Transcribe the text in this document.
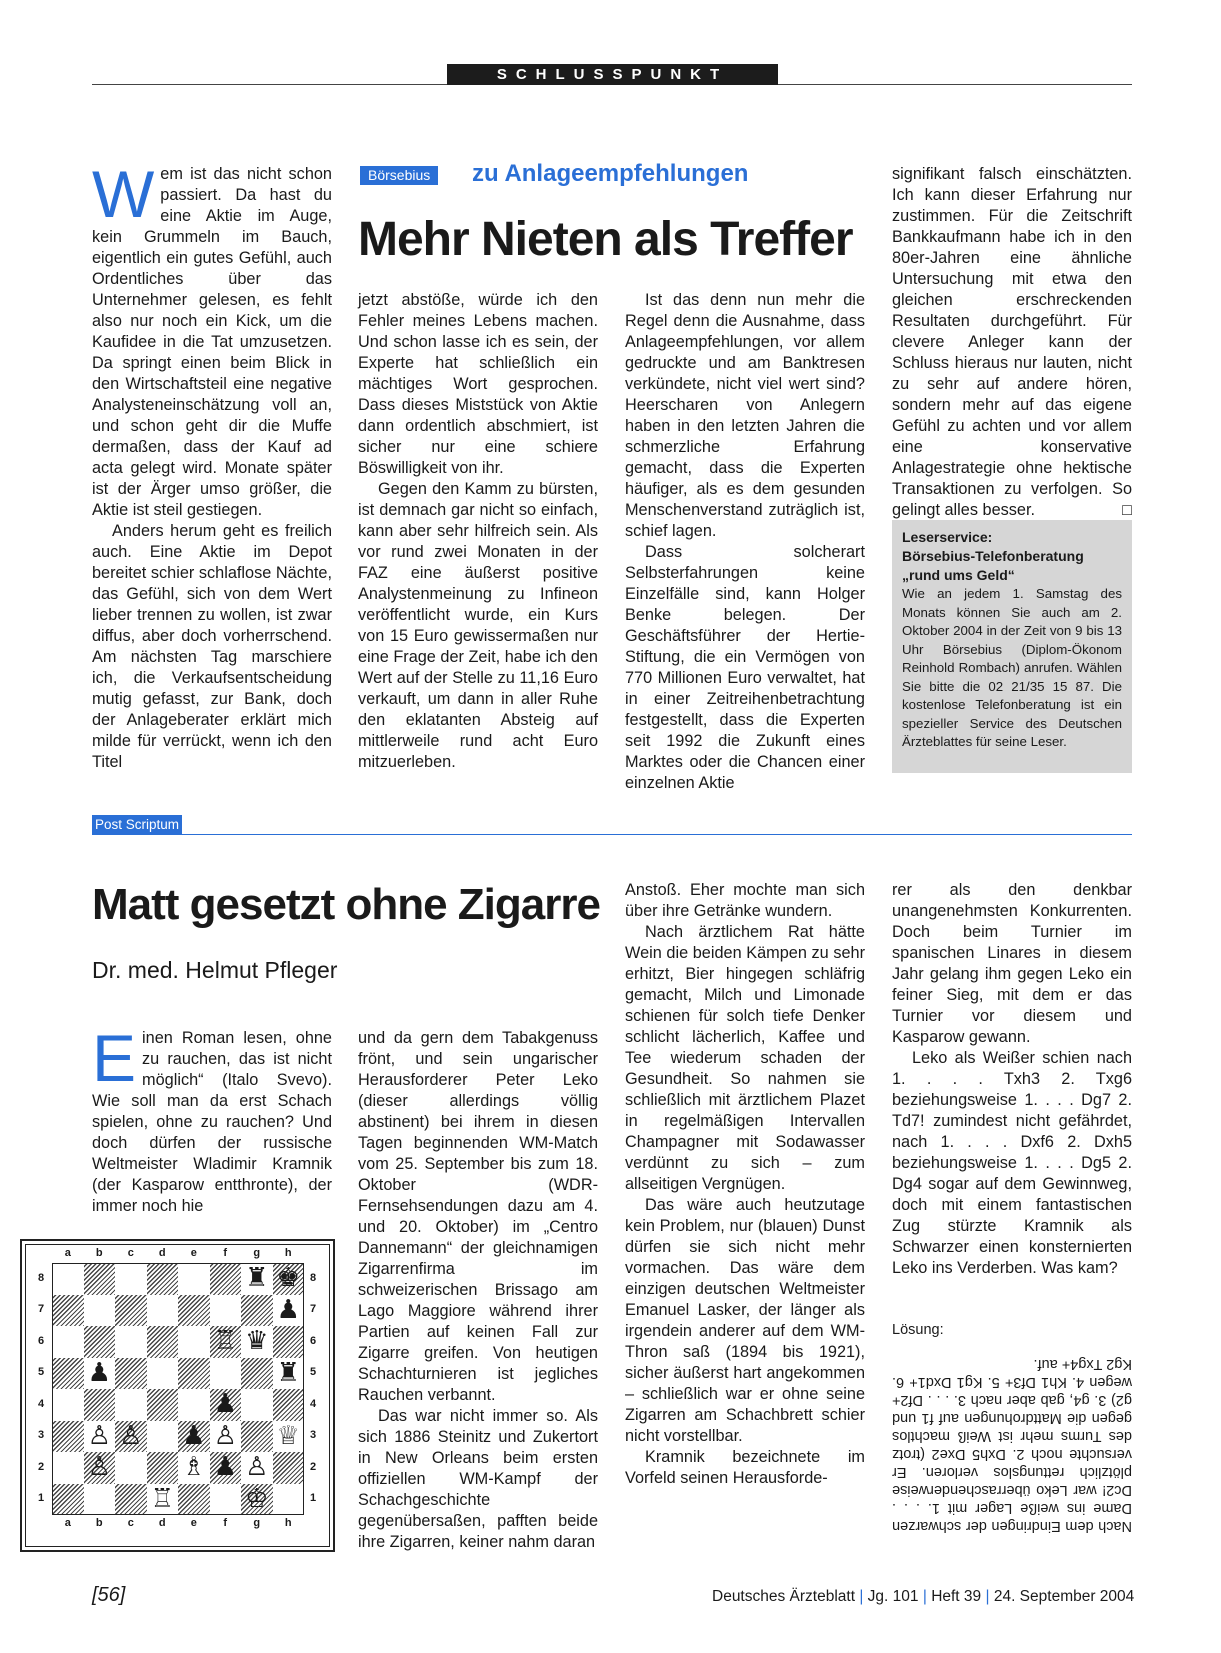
SCHLUSSPUNKT
W em ist das nicht schon passiert. Da hast du eine Aktie im Auge, kein Grummeln im Bauch, eigentlich ein gutes Gefühl, auch Ordentliches über das Unternehmer gelesen, es fehlt also nur noch ein Kick, um die Kaufidee in die Tat umzusetzen. Da springt einen beim Blick in den Wirtschaftsteil eine negative Analysteneinschätzung voll an, und schon geht dir die Muffe dermaßen, dass der Kauf ad acta gelegt wird. Monate später ist der Ärger umso größer, die Aktie ist steil gestiegen.

Anders herum geht es freilich auch. Eine Aktie im Depot bereitet schier schlaflose Nächte, das Gefühl, sich von dem Wert lieber trennen zu wollen, ist zwar diffus, aber doch vorherrschend. Am nächsten Tag marschiere ich, die Verkaufsentscheidung mutig gefasst, zur Bank, doch der Anlageberater erklärt mich milde für verrückt, wenn ich den Titel

Börsebius	zu Anlageempfehlungen
Mehr Nieten als Treffer

jetzt abstöße, würde ich den Fehler meines Lebens machen. Und schon lasse ich es sein, der Experte hat schließlich ein mächtiges Wort gesprochen. Dass dieses Miststück von Aktie dann ordentlich abschmiert, ist sicher nur eine schiere Böswilligkeit von ihr.

Gegen den Kamm zu bürsten, ist demnach gar nicht so einfach, kann aber sehr hilfreich sein. Als vor rund zwei Monaten in der FAZ eine äußerst positive Analystenmeinung zu Infineon veröffentlicht wurde, ein Kurs von 15 Euro gewissermaßen nur eine Frage der Zeit, habe ich den Wert auf der Stelle zu 11,16 Euro verkauft, um dann in aller Ruhe den eklatanten Absteig auf mittlerweile rund acht Euro mitzuerleben.

Ist das denn nun mehr die Regel denn die Ausnahme, dass Anlageempfehlungen, vor allem gedruckte und am Banktresen verkündete, nicht viel wert sind? Heerscharen von Anlegern haben in den letzten Jahren die schmerzliche Erfahrung gemacht, dass die Experten häufiger, als es dem gesunden Menschenverstand zuträglich ist, schief lagen.

Dass solcherart Selbsterfahrungen keine Einzelfälle sind, kann Holger Benke belegen. Der Geschäftsführer der Hertie-Stiftung, die ein Vermögen von 770 Millionen Euro verwaltet, hat in einer Zeitreihenbetrachtung festgestellt, dass die Experten seit 1992 die Zukunft eines Marktes oder die Chancen einer einzelnen Aktie

signifikant falsch einschätzten. Ich kann dieser Erfahrung nur zustimmen. Für die Zeitschrift Bankkaufmann habe ich in den 80er-Jahren eine ähnliche Untersuchung mit etwa den gleichen erschreckenden Resultaten durchgeführt. Für clevere Anleger kann der Schluss hieraus nur lauten, nicht zu sehr auf andere hören, sondern mehr auf das eigene Gefühl zu achten und vor allem eine konservative Anlagestrategie ohne hektische Transaktionen zu verfolgen. So gelingt alles besser.	□

Leserservice:
Börsebius-Telefonberatung
„rund ums Geld“
Wie an jedem 1. Samstag des Monats können Sie auch am 2. Oktober 2004 in der Zeit von 9 bis 13 Uhr Börsebius (Diplom-Ökonom Reinhold Rombach) anrufen. Wählen Sie bitte die 02 21/35 15 87. Die kostenlose Telefonberatung ist ein spezieller Service des Deutschen Ärzteblattes für seine Leser.
Post Scriptum
Matt gesetzt ohne Zigarre
Dr. med. Helmut Pfleger
E inen Roman lesen, ohne zu rauchen, das ist nicht möglich“ (Italo Svevo). Wie soll man da erst Schach spielen, ohne zu rauchen? Und doch dürfen der russische Weltmeister Wladimir Kramnik (der Kasparow entthronte), der immer noch hie

und da gern dem Tabakgenuss frönt, und sein ungarischer Herausforderer Peter Leko (dieser allerdings völlig abstinent) bei ihrem in diesen Tagen beginnenden WM-Match vom 25. September bis zum 18. Oktober (WDR-Fernsehsendungen dazu am 4. und 20. Oktober) im „Centro Dannemann“ der gleichnamigen Zigarrenfirma im schweizerischen Brissago am Lago Maggiore während ihrer Partien auf keinen Fall zur Zigarre greifen. Von heutigen Schachturnieren ist jegliches Rauchen verbannt.

Das war nicht immer so. Als sich 1886 Steinitz und Zukertort in New Orleans beim ersten offiziellen WM-Kampf der Schachgeschichte gegenübersaßen, pafften beide ihre Zigarren, keiner nahm daran

Anstoß. Eher mochte man sich über ihre Getränke wundern.

Nach ärztlichem Rat hätte Wein die beiden Kämpen zu sehr erhitzt, Bier hingegen schläfrig gemacht, Milch und Limonade schienen für solch tiefe Denker schlicht lächerlich, Kaffee und Tee wiederum schaden der Gesundheit. So nahmen sie schließlich mit ärztlichem Plazet in regelmäßigen Intervallen Champagner mit Sodawasser verdünnt zu sich – zum allseitigen Vergnügen.

Das wäre auch heutzutage kein Problem, nur (blauen) Dunst dürfen sie sich nicht mehr vormachen. Das wäre dem einzigen deutschen Weltmeister Emanuel Lasker, der länger als irgendein anderer auf dem WM-Thron saß (1894 bis 1921), sicher äußerst hart angekommen – schließlich war er ohne seine Zigarren am Schachbrett schier nicht vorstellbar.

Kramnik bezeichnete im Vorfeld seinen Herausforde-

rer als den denkbar unangenehmsten Konkurrenten. Doch beim Turnier im spanischen Linares in diesem Jahr gelang ihm gegen Leko ein feiner Sieg, mit dem er das Turnier vor diesem und Kasparow gewann.

Leko als Weißer schien nach 1. . . . Txh3 2. Txg6 beziehungsweise 1. . . . Dg7 2. Td7! zumindest nicht gefährdet, nach 1. . . . Dxf6 2. Dxh5 beziehungsweise 1. . . . Dg5 2. Dg4 sogar auf dem Gewinnweg, doch mit einem fantastischen Zug stürzte Kramnik als Schwarzer einen konsternierten Leko ins Verderben. Was kam?

Lösung:
Nach dem Eindringen der schwarzen Dame ins weiße Lager mit 1. . . . Dc2! war Leko überraschenderweise plötzlich rettungslos verloren. Er versuchte noch 2. Dxh5 Dxe2 (trotz des Turms mehr ist Weiß machtlos gegen die Mattdrohungen auf f1 und g2) 3. g4, gab aber nach 3. . . . Df2+ wegen 4. Kh1 Df3+ 5. Kg1 Dxd1+ 6. Kg2 Txg4+ auf.
a
a
b
b
c
c
d
d
e
e
f
f
g
g
h
h
8	8
7	7
6	6
5	5
4	4
3	3
2	2
1	1
♜ ♚
♟
♖ ♛
♟	♜
♟
♙ ♙ ♟ ♙ ♕
♙	♗ ♟ ♙
♖	♔
[56]	Deutsches Ärzteblatt | Jg. 101 | Heft 39 | 24. September 2004
